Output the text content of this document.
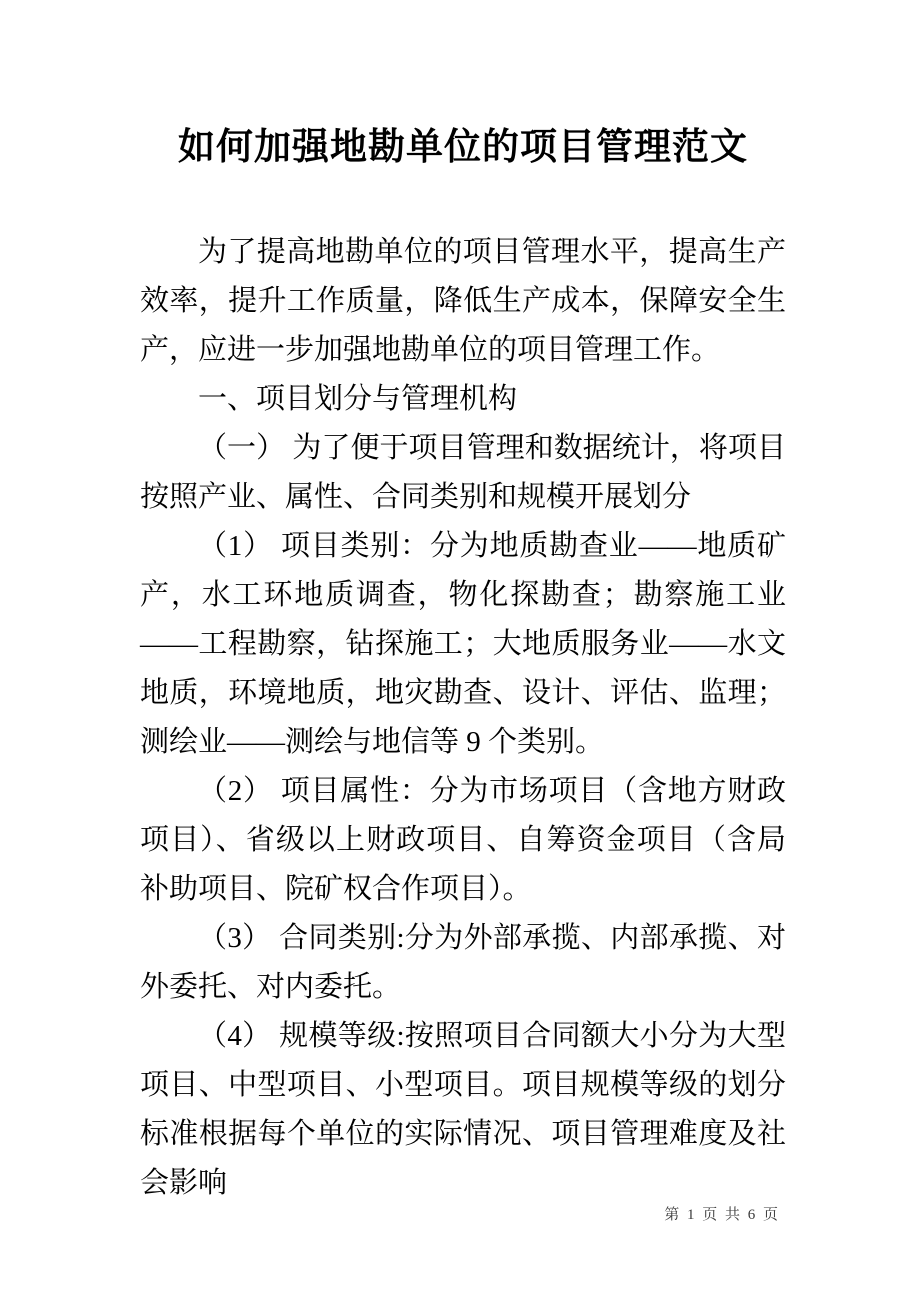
如何加强地勘单位的项目管理范文

为了提高地勘单位的项目管理水平，提高生产效率，提升工作质量，降低生产成本，保障安全生产，应进一步加强地勘单位的项目管理工作。

一、项目划分与管理机构

（一） 为了便于项目管理和数据统计，将项目按照产业、属性、合同类别和规模开展划分

（1） 项目类别：分为地质勘查业——地质矿产，水工环地质调查，物化探勘查；勘察施工业——工程勘察，钻探施工；大地质服务业——水文地质，环境地质，地灾勘查、设计、评估、监理；测绘业——测绘与地信等 9 个类别。

（2） 项目属性：分为市场项目（含地方财政项目）、省级以上财政项目、自筹资金项目（含局补助项目、院矿权合作项目）。

（3） 合同类别:分为外部承揽、内部承揽、对外委托、对内委托。

（4） 规模等级:按照项目合同额大小分为大型项目、中型项目、小型项目。项目规模等级的划分标准根据每个单位的实际情况、项目管理难度及社会影响

第 1 页 共 6 页
